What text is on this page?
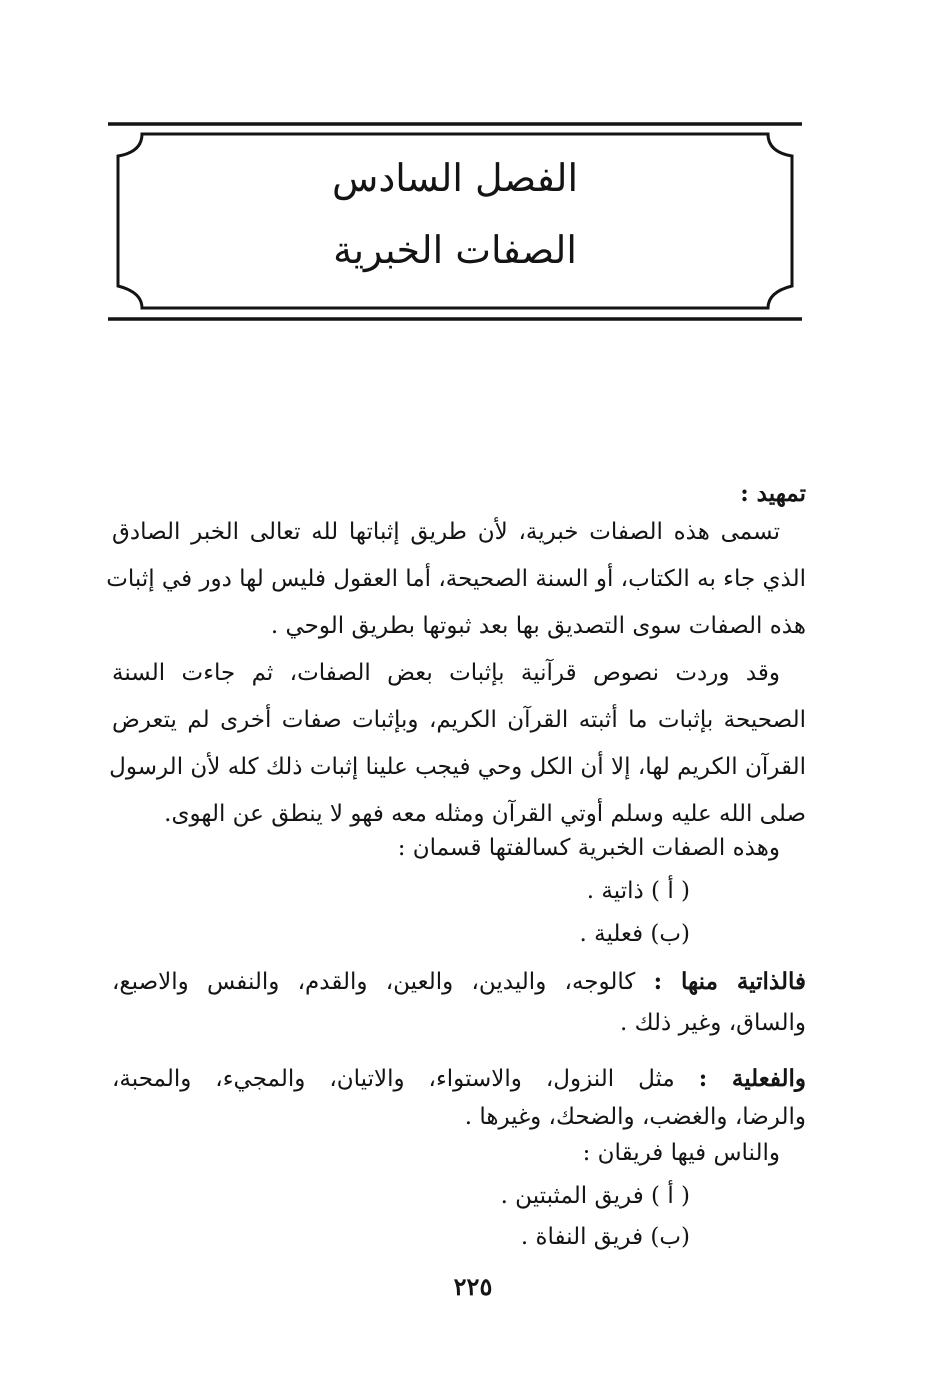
الفصل السادس
الصفات الخبرية
تمهيد :
تسمى هذه الصفات خبرية، لأن طريق إثباتها لله تعالى الخبر الصادق
الذي جاء به الكتاب، أو السنة الصحيحة، أما العقول فليس لها دور في إثبات
هذه الصفات سوى التصديق بها بعد ثبوتها بطريق الوحي .
وقد وردت نصوص قرآنية بإثبات بعض الصفات، ثم جاءت السنة
الصحيحة بإثبات ما أثبته القرآن الكريم، وبإثبات صفات أخرى لم يتعرض
القرآن الكريم لها، إلا أن الكل وحي فيجب علينا إثبات ذلك كله لأن الرسول
صلى الله عليه وسلم أوتي القرآن ومثله معه فهو لا ينطق عن الهوى.
وهذه الصفات الخبرية كسالفتها قسمان :
( أ ) ذاتية .
(ب) فعلية .
فالذاتية منها : كالوجه، واليدين، والعين، والقدم، والنفس والاصبع،
والساق، وغير ذلك .
والفعلية : مثل النزول، والاستواء، والاتيان، والمجيء، والمحبة،
والرضا، والغضب، والضحك، وغيرها .
والناس فيها فريقان :
( أ ) فريق المثبتين .
(ب) فريق النفاة .
٢٢٥
